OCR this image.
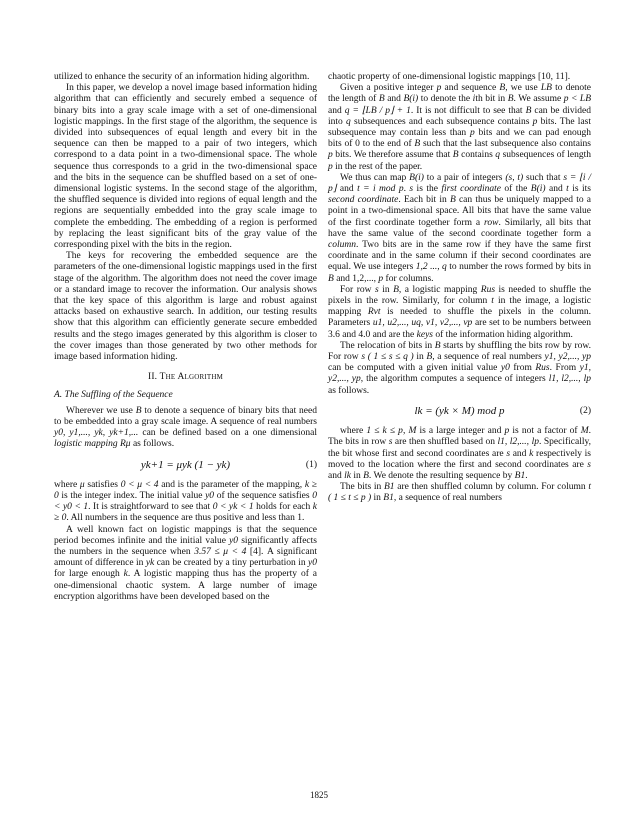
utilized to enhance the security of an information hiding algorithm.

In this paper, we develop a novel image based information hiding algorithm that can efficiently and securely embed a sequence of binary bits into a gray scale image with a set of one-dimensional logistic mappings. In the first stage of the algorithm, the sequence is divided into subsequences of equal length and every bit in the sequence can then be mapped to a pair of two integers, which correspond to a data point in a two-dimensional space. The whole sequence thus corresponds to a grid in the two-dimensional space and the bits in the sequence can be shuffled based on a set of one-dimensional logistic systems. In the second stage of the algorithm, the shuffled sequence is divided into regions of equal length and the regions are sequentially embedded into the gray scale image to complete the embedding. The embedding of a region is performed by replacing the least significant bits of the gray value of the corresponding pixel with the bits in the region.

The keys for recovering the embedded sequence are the parameters of the one-dimensional logistic mappings used in the first stage of the algorithm. The algorithm does not need the cover image or a standard image to recover the information. Our analysis shows that the key space of this algorithm is large and robust against attacks based on exhaustive search. In addition, our testing results show that this algorithm can efficiently generate secure embedded results and the stego images generated by this algorithm is closer to the cover images than those generated by two other methods for image based information hiding.

II. The Algorithm
A. The Suffling of the Sequence

Wherever we use B to denote a sequence of binary bits that need to be embedded into a gray scale image. A sequence of real numbers y0, y1,..., yk, yk+1,... can be defined based on a one dimensional logistic mapping Rμ as follows.

yk+1 = μyk (1 − yk)	(1)

where μ satisfies 0 < μ < 4 and is the parameter of the mapping, k ≥ 0 is the integer index. The initial value y0 of the sequence satisfies 0 < y0 < 1. It is straightforward to see that 0 < yk < 1 holds for each k ≥ 0. All numbers in the sequence are thus positive and less than 1.

A well known fact on logistic mappings is that the sequence period becomes infinite and the initial value y0 significantly affects the numbers in the sequence when 3.57 ≤ μ < 4 [4]. A significant amount of difference in yk can be created by a tiny perturbation in y0 for large enough k. A logistic mapping thus has the property of a one-dimensional chaotic system. A large number of image encryption algorithms have been developed based on the

chaotic property of one-dimensional logistic mappings [10, 11].

Given a positive integer p and sequence B, we use LB to denote the length of B and B(i) to denote the ith bit in B. We assume p < LB and q = ⌊LB / p⌋ + 1. It is not difficult to see that B can be divided into q subsequences and each subsequence contains p bits. The last subsequence may contain less than p bits and we can pad enough bits of 0 to the end of B such that the last subsequence also contains p bits. We therefore assume that B contains q subsequences of length p in the rest of the paper.

We thus can map B(i) to a pair of integers (s, t) such that s = ⌊i / p⌋ and t = i mod p. s is the first coordinate of the B(i) and t is its second coordinate. Each bit in B can thus be uniquely mapped to a point in a two-dimensional space. All bits that have the same value of the first coordinate together form a row. Similarly, all bits that have the same value of the second coordinate together form a column. Two bits are in the same row if they have the same first coordinate and in the same column if their second coordinates are equal. We use integers 1,2 ..., q to number the rows formed by bits in B and 1,2,..., p for columns.

For row s in B, a logistic mapping Rus is needed to shuffle the pixels in the row. Similarly, for column t in the image, a logistic mapping Rvt is needed to shuffle the pixels in the column. Parameters u1, u2,..., uq, v1, v2,..., vp are set to be numbers between 3.6 and 4.0 and are the keys of the information hiding algorithm.

The relocation of bits in B starts by shuffling the bits row by row. For row s ( 1 ≤ s ≤ q ) in B, a sequence of real numbers y1, y2,..., yp can be computed with a given initial value y0 from Rus. From y1, y2,..., yp, the algorithm computes a sequence of integers l1, l2,..., lp as follows.

lk = (yk × M) mod p	(2)

where 1 ≤ k ≤ p, M is a large integer and p is not a factor of M. The bits in row s are then shuffled based on l1, l2,..., lp. Specifically, the bit whose first and second coordinates are s and k respectively is moved to the location where the first and second coordinates are s and lk in B. We denote the resulting sequence by B1.

The bits in B1 are then shuffled column by column. For column t ( 1 ≤ t ≤ p ) in B1, a sequence of real numbers

1825
